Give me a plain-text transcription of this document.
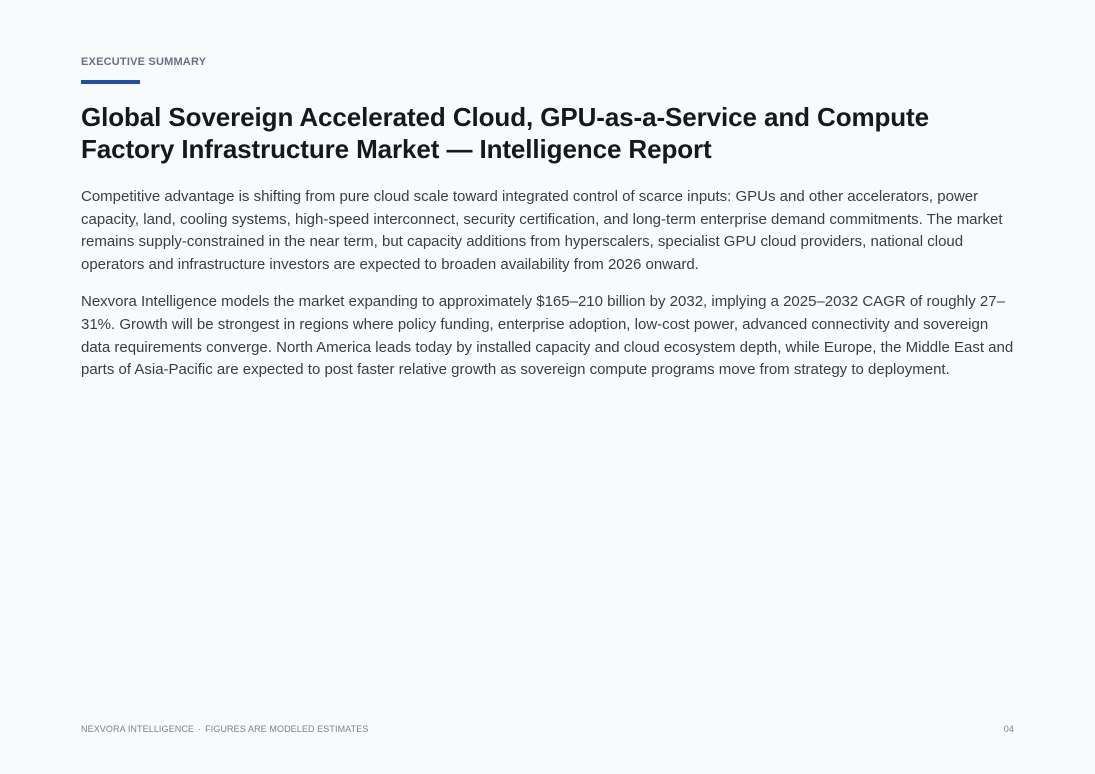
EXECUTIVE SUMMARY

Global Sovereign Accelerated Cloud, GPU-as-a-Service and Compute
Factory Infrastructure Market — Intelligence Report

Competitive advantage is shifting from pure cloud scale toward integrated control of scarce inputs: GPUs and other accelerators, power capacity, land, cooling systems, high-speed interconnect, security certification, and long-term enterprise demand commitments. The market remains supply-constrained in the near term, but capacity additions from hyperscalers, specialist GPU cloud providers, national cloud operators and infrastructure investors are expected to broaden availability from 2026 onward.

Nexvora Intelligence models the market expanding to approximately $165–210 billion by 2032, implying a 2025–2032 CAGR of roughly 27–31%. Growth will be strongest in regions where policy funding, enterprise adoption, low-cost power, advanced connectivity and sovereign data requirements converge. North America leads today by installed capacity and cloud ecosystem depth, while Europe, the Middle East and parts of Asia-Pacific are expected to post faster relative growth as sovereign compute programs move from strategy to deployment.

NEXVORA INTELLIGENCE · FIGURES ARE MODELED ESTIMATES	04
